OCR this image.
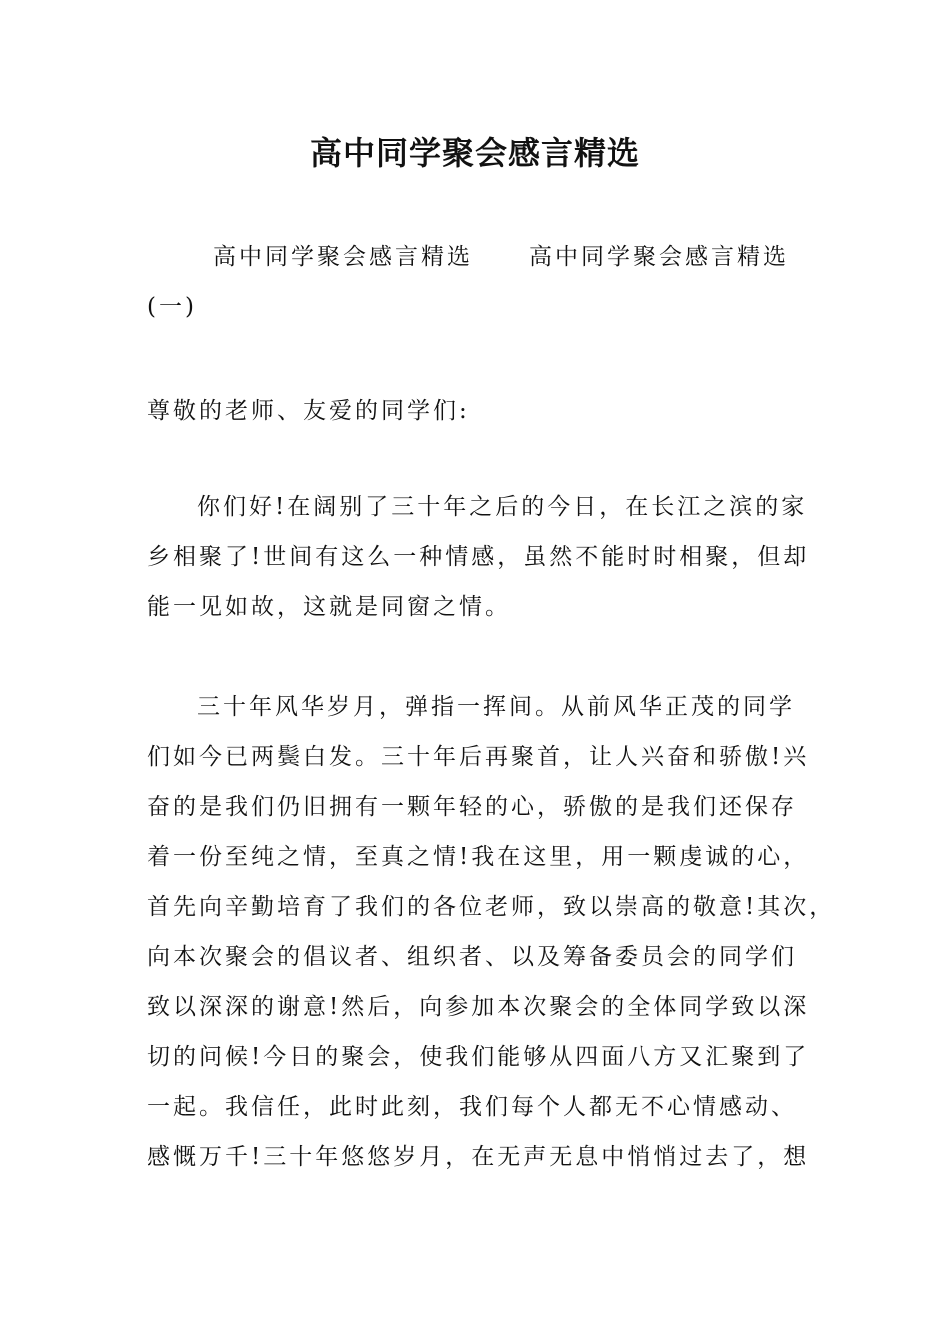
高中同学聚会感言精选
高中同学聚会感言精选 高中同学聚会感言精选
(一)
尊敬的老师、友爱的同学们:
你们好!在阔别了三十年之后的今日，在长江之滨的家
乡相聚了!世间有这么一种情感，虽然不能时时相聚，但却
能一见如故，这就是同窗之情。
三十年风华岁月，弹指一挥间。从前风华正茂的同学
们如今已两鬓白发。三十年后再聚首，让人兴奋和骄傲!兴
奋的是我们仍旧拥有一颗年轻的心，骄傲的是我们还保存
着一份至纯之情，至真之情!我在这里，用一颗虔诚的心，
首先向辛勤培育了我们的各位老师，致以崇高的敬意!其次，
向本次聚会的倡议者、组织者、以及筹备委员会的同学们
致以深深的谢意!然后，向参加本次聚会的全体同学致以深
切的问候!今日的聚会，使我们能够从四面八方又汇聚到了
一起。我信任，此时此刻，我们每个人都无不心情感动、
感慨万千!三十年悠悠岁月，在无声无息中悄悄过去了，想
